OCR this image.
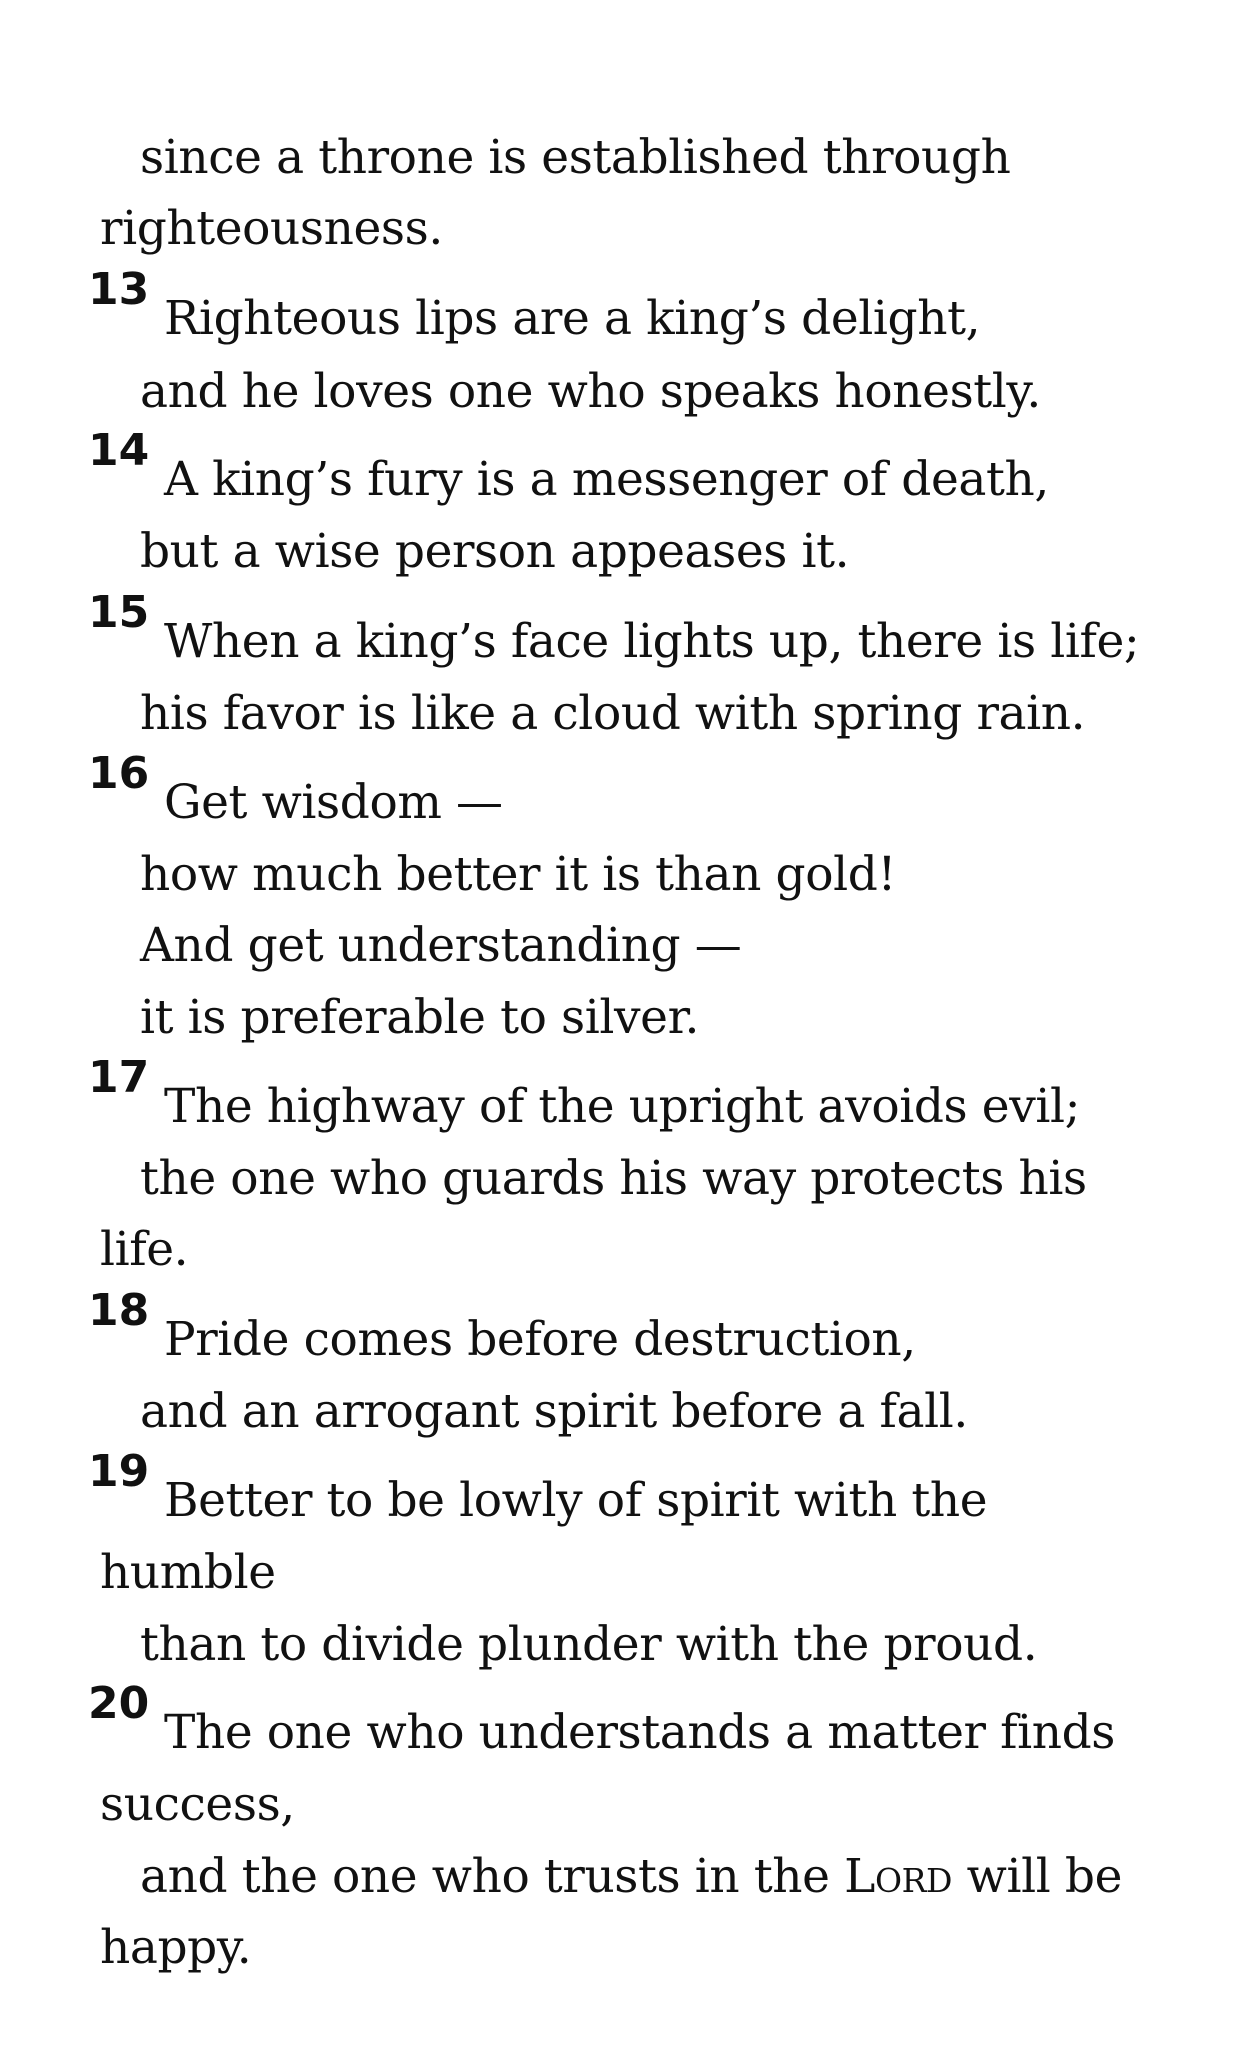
since a throne is established through
righteousness.
13
Righteous lips are a king’s delight,
and he loves one who speaks honestly.
14
A king’s fury is a messenger of death,
but a wise person appeases it.
15
When a king’s face lights up, there is life;
his favor is like a cloud with spring rain.
16
Get wisdom —
how much better it is than gold!
And get understanding —
it is preferable to silver.
17
The highway of the upright avoids evil;
the one who guards his way protects his
life.
18
Pride comes before destruction,
and an arrogant spirit before a fall.
19
Better to be lowly of spirit with the
humble
than to divide plunder with the proud.
20
The one who understands a matter finds
success,
and the one who trusts in the Lord will be
happy.
